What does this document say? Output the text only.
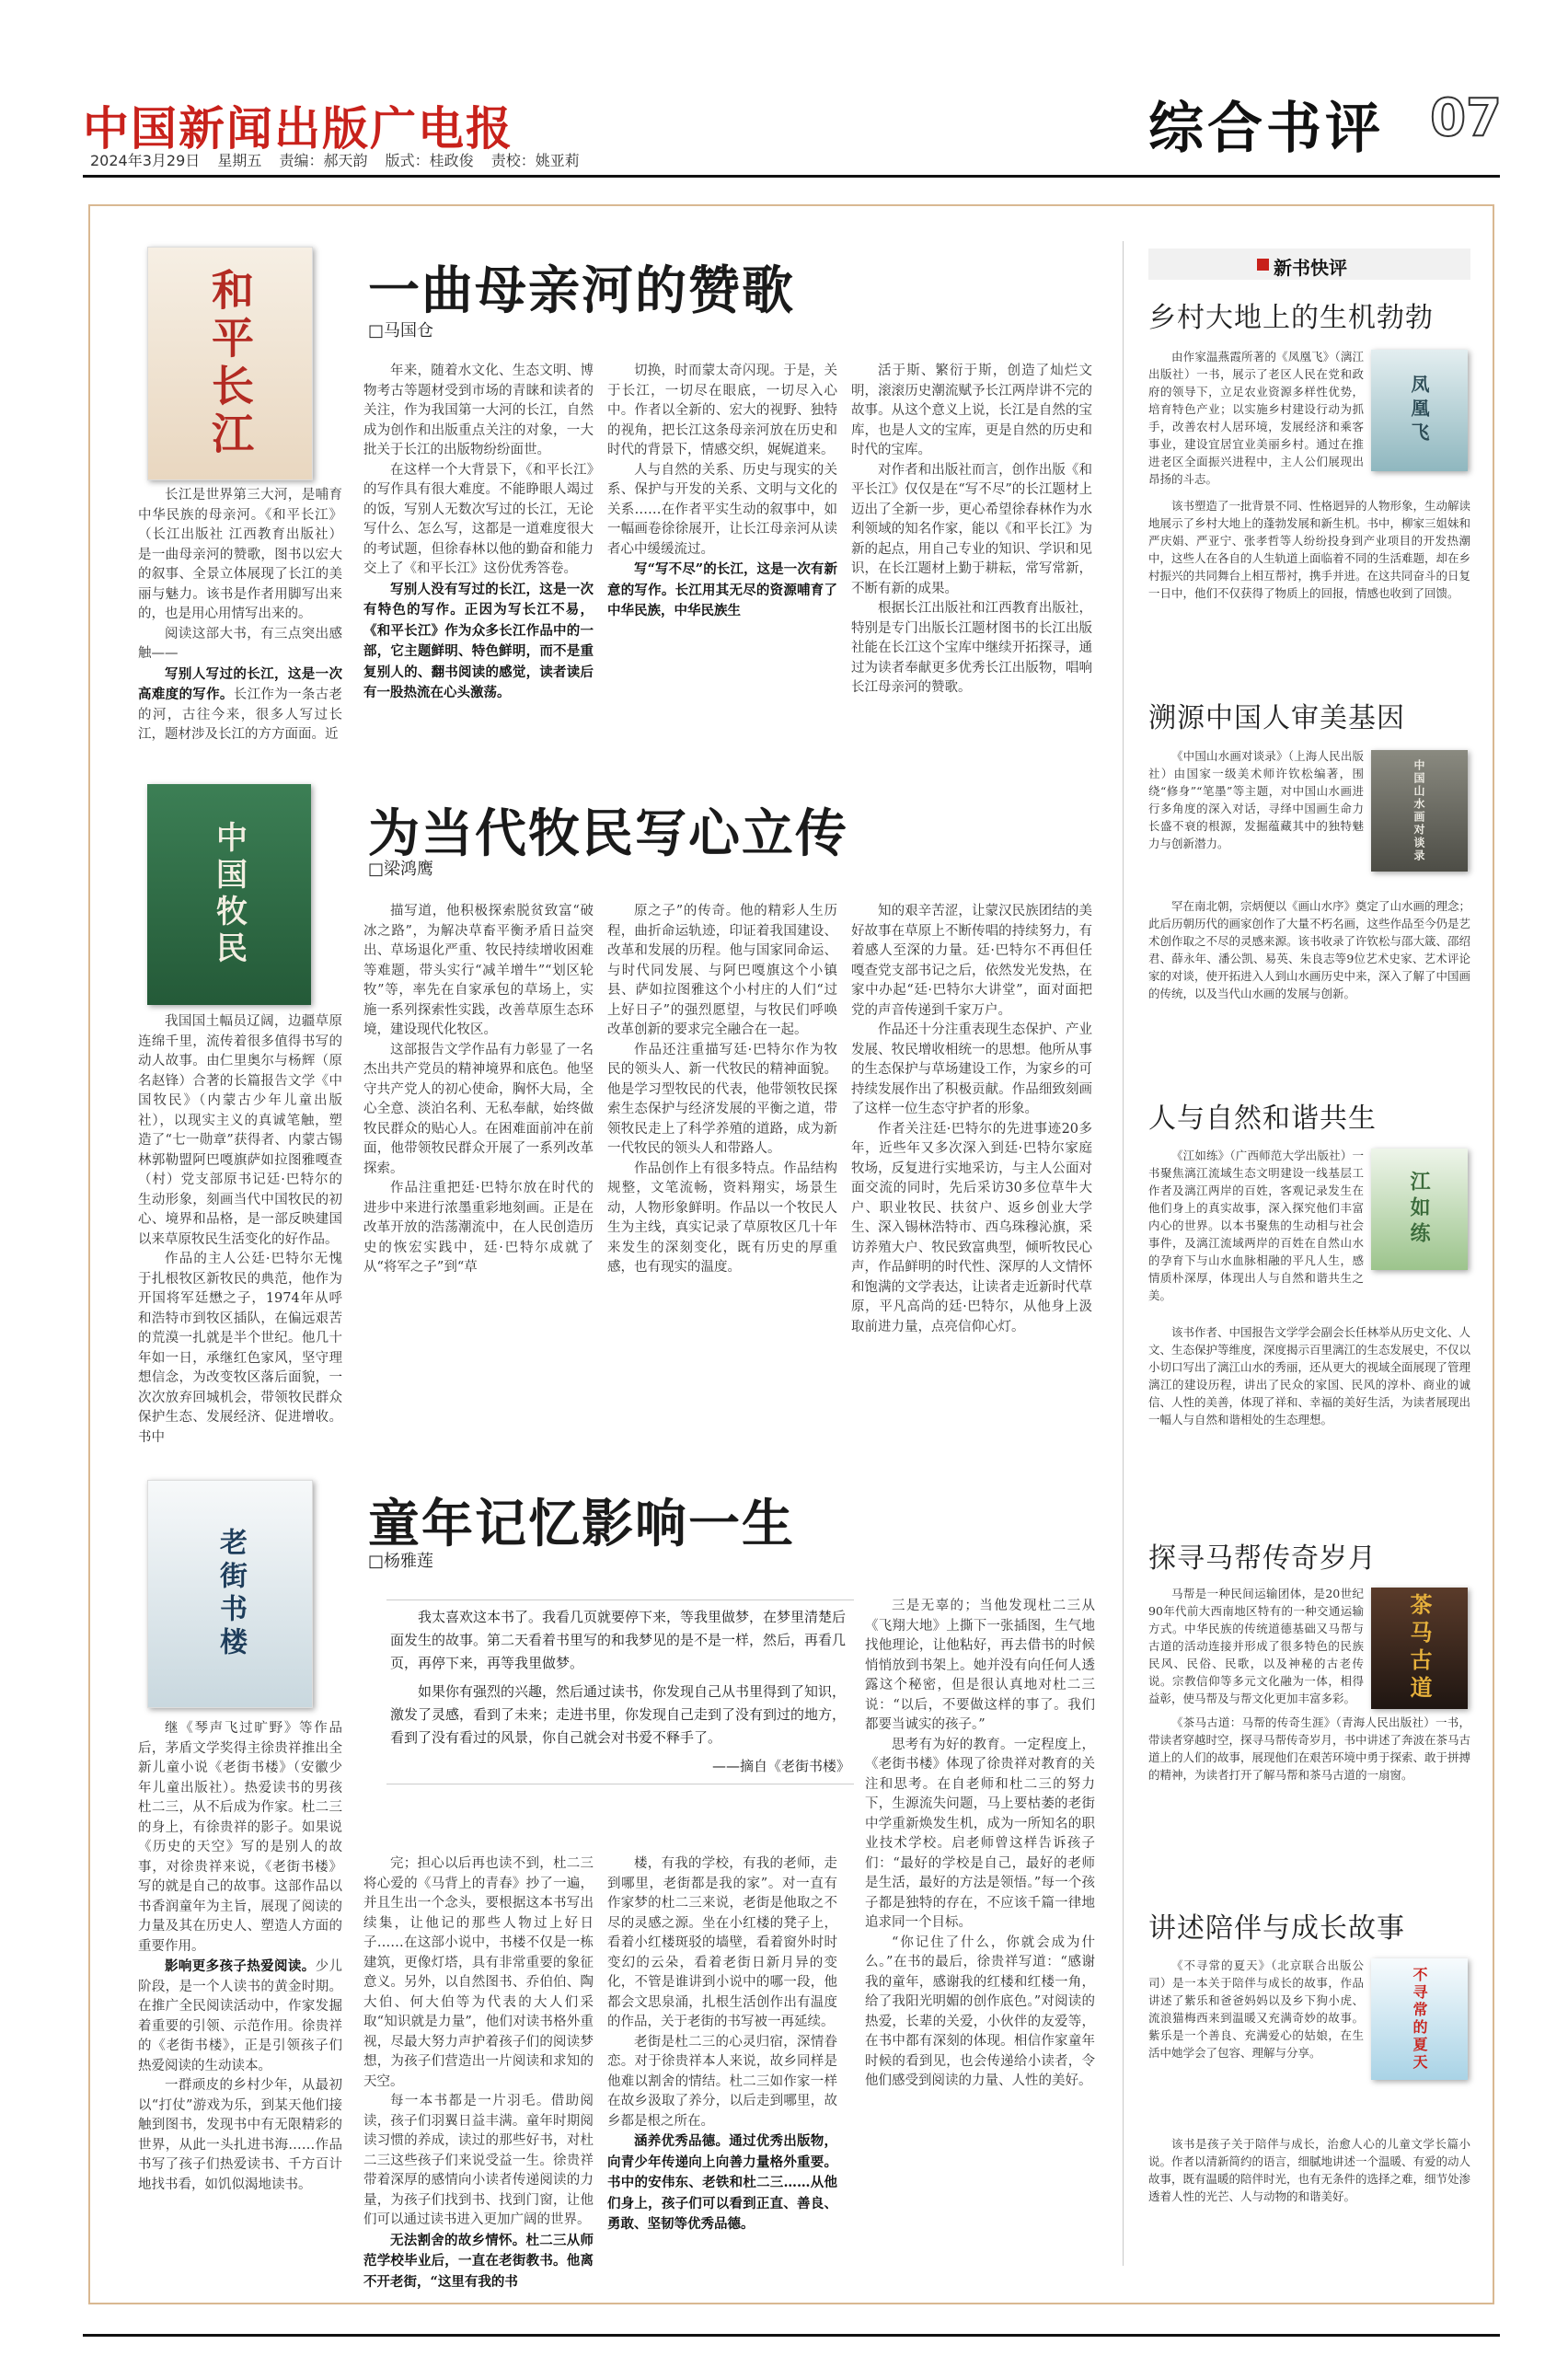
中国新闻出版广电报
2024年3月29日 星期五 责编：郝天韵 版式：桂政俊 责校：姚亚莉	综合书评 07
和平长江 一曲母亲河的赞歌
□马国仓

长江是世界第三大河，是哺育中华民族的母亲河。《和平长江》（长江出版社 江西教育出版社）是一曲母亲河的赞歌，图书以宏大的叙事、全景立体展现了长江的美丽与魅力。该书是作者用脚写出来的，也是用心用情写出来的。

阅读这部大书，有三点突出感触——

写别人写过的长江，这是一次高难度的写作。长江作为一条古老的河，古往今来，很多人写过长江，题材涉及长江的方方面面。近

年来，随着水文化、生态文明、博物考古等题材受到市场的青睐和读者的关注，作为我国第一大河的长江，自然成为创作和出版重点关注的对象，一大批关于长江的出版物纷纷面世。

在这样一个大背景下，《和平长江》的写作具有很大难度。不能睁眼人竭过的饭，写别人无数次写过的长江，无论写什么、怎么写，这都是一道难度很大的考试题，但徐春林以他的勤奋和能力交上了《和平长江》这份优秀答卷。

写别人没有写过的长江，这是一次有特色的写作。正因为写长江不易，《和平长江》作为众多长江作品中的一部，它主题鲜明、特色鲜明，而不是重复别人的、翻书阅读的感觉，读者读后有一股热流在心头激荡。

切换，时而蒙太奇闪现。于是，关于长江，一切尽在眼底，一切尽入心中。作者以全新的、宏大的视野、独特的视角，把长江这条母亲河放在历史和时代的背景下，情感交织，娓娓道来。

人与自然的关系、历史与现实的关系、保护与开发的关系、文明与文化的关系……在作者平实生动的叙事中，如一幅画卷徐徐展开，让长江母亲河从读者心中缓缓流过。

写“写不尽”的长江，这是一次有新意的写作。长江用其无尽的资源哺育了中华民族，中华民族生

活于斯、繁衍于斯，创造了灿烂文明，滚滚历史潮流赋予长江两岸讲不完的故事。从这个意义上说，长江是自然的宝库，也是人文的宝库，更是自然的历史和时代的宝库。

对作者和出版社而言，创作出版《和平长江》仅仅是在“写不尽”的长江题材上迈出了全新一步，更心希望徐春林作为水利领域的知名作家，能以《和平长江》为新的起点，用自己专业的知识、学识和见识，在长江题材上勤于耕耘，常写常新，不断有新的成果。

根据长江出版社和江西教育出版社，特别是专门出版长江题材图书的长江出版社能在长江这个宝库中继续开拓探寻，通过为读者奉献更多优秀长江出版物，唱响长江母亲河的赞歌。

中国牧民 为当代牧民写心立传
□梁鸿鹰

我国国土幅员辽阔，边疆草原连绵千里，流传着很多值得书写的动人故事。由仁里奥尔与杨辉（原名赵锋）合著的长篇报告文学《中国牧民》（内蒙古少年儿童出版社），以现实主义的真诚笔触，塑造了“七一勋章”获得者、内蒙古锡林郭勒盟阿巴嘎旗萨如拉图雅嘎查（村）党支部原书记廷·巴特尔的生动形象，刻画当代中国牧民的初心、境界和品格，是一部反映建国以来草原牧民生活变化的好作品。

作品的主人公廷·巴特尔无愧于扎根牧区新牧民的典范，他作为开国将军廷懋之子，1974年从呼和浩特市到牧区插队，在偏远艰苦的荒漠一扎就是半个世纪。他几十年如一日，承继红色家风，坚守理想信念，为改变牧区落后面貌，一次次放弃回城机会，带领牧民群众保护生态、发展经济、促进增收。书中

描写道，他积极探索脱贫致富“破冰之路”，为解决草畜平衡矛盾日益突出、草场退化严重、牧民持续增收困难等难题，带头实行“减羊增牛”“划区轮牧”等，率先在自家承包的草场上，实施一系列探索性实践，改善草原生态环境，建设现代化牧区。

这部报告文学作品有力彰显了一名杰出共产党员的精神境界和底色。他坚守共产党人的初心使命，胸怀大局，全心全意、淡泊名利、无私奉献，始终做牧民群众的贴心人。在困难面前冲在前面，他带领牧民群众开展了一系列改革探索。

作品注重把廷·巴特尔放在时代的进步中来进行浓墨重彩地刻画。正是在改革开放的浩荡潮流中，在人民创造历史的恢宏实践中，廷·巴特尔成就了从“将军之子”到“草

原之子”的传奇。他的精彩人生历程，曲折命运轨迹，印证着我国建设、改革和发展的历程。他与国家同命运、与时代同发展、与阿巴嘎旗这个小镇县、萨如拉图雅这个小村庄的人们“过上好日子”的强烈愿望，与牧民们呼唤改革创新的要求完全融合在一起。

作品还注重描写廷·巴特尔作为牧民的领头人、新一代牧民的精神面貌。他是学习型牧民的代表，他带领牧民探索生态保护与经济发展的平衡之道，带领牧民走上了科学养殖的道路，成为新一代牧民的领头人和带路人。

作品创作上有很多特点。作品结构规整，文笔流畅，资料翔实，场景生动，人物形象鲜明。作品以一个牧民人生为主线，真实记录了草原牧区几十年来发生的深刻变化，既有历史的厚重感，也有现实的温度。

知的艰辛苦涩，让蒙汉民族团结的美好故事在草原上不断传唱的持续努力，有着感人至深的力量。廷·巴特尔不再但任嘎查党支部书记之后，依然发光发热，在家中办起“廷·巴特尔大讲堂”，面对面把党的声音传递到千家万户。

作品还十分注重表现生态保护、产业发展、牧民增收相统一的思想。他所从事的生态保护与草场建设工作，为家乡的可持续发展作出了积极贡献。作品细致刻画了这样一位生态守护者的形象。

作者关注廷·巴特尔的先进事迹20多年，近些年又多次深入到廷·巴特尔家庭牧场，反复进行实地采访，与主人公面对面交流的同时，先后采访30多位草牛大户、职业牧民、扶贫户、返乡创业大学生、深入锡林浩特市、西乌珠穆沁旗，采访养殖大户、牧民致富典型，倾听牧民心声，作品鲜明的时代性、深厚的人文情怀和饱满的文学表达，让读者走近新时代草原，平凡高尚的廷·巴特尔，从他身上汲取前进力量，点亮信仰心灯。

老街书楼
童年记忆影响一生
□杨雅莲

我太喜欢这本书了。我看几页就要停下来，等我里做梦，在梦里清楚后面发生的故事。第二天看着书里写的和我梦见的是不是一样，然后，再看几页，再停下来，再等我里做梦。

如果你有强烈的兴趣，然后通过读书，你发现自己从书里得到了知识，激发了灵感，看到了未来；走进书里，你发现自己走到了没有到过的地方，看到了没有看过的风景，你自己就会对书爱不释手了。

——摘自《老街书楼》

继《琴声飞过旷野》等作品后，茅盾文学奖得主徐贵祥推出全新儿童小说《老街书楼》（安徽少年儿童出版社）。热爱读书的男孩杜二三，从不后成为作家。杜二三的身上，有徐贵祥的影子。如果说《历史的天空》写的是别人的故事，对徐贵祥来说，《老街书楼》写的就是自己的故事。这部作品以书香润童年为主旨，展现了阅读的力量及其在历史人、塑造人方面的重要作用。

影响更多孩子热爱阅读。少儿阶段，是一个人读书的黄金时期。在推广全民阅读活动中，作家发掘着重要的引领、示范作用。徐贵祥的《老街书楼》，正是引领孩子们热爱阅读的生动读本。

一群顽皮的乡村少年，从最初以“打仗”游戏为乐，到某天他们接触到图书，发现书中有无限精彩的世界，从此一头扎进书海……作品书写了孩子们热爱读书、千方百计地找书看，如饥似渴地读书。

完；担心以后再也读不到，杜二三将心爱的《马背上的青春》抄了一遍，并且生出一个念头，要根据这本书写出续集，让他记的那些人物过上好日子……在这部小说中，书楼不仅是一栋建筑，更像灯塔，具有非常重要的象征意义。另外，以自然图书、乔伯伯、陶大伯、何大伯等为代表的大人们采取“知识就是力量”，他们对读书格外重视，尽最大努力声护着孩子们的阅读梦想，为孩子们营造出一片阅读和求知的天空。

每一本书都是一片羽毛。借助阅读，孩子们羽翼日益丰满。童年时期阅读习惯的养成，读过的那些好书，对杜二三这些孩子们来说受益一生。徐贵祥带着深厚的感情向小读者传递阅读的力量，为孩子们找到书、找到门窗，让他们可以通过读书进入更加广阔的世界。

无法割舍的故乡情怀。杜二三从师范学校毕业后，一直在老街教书。他离不开老街，“这里有我的书

楼，有我的学校，有我的老师，走到哪里，老街都是我的家”。对一直有作家梦的杜二三来说，老街是他取之不尽的灵感之源。坐在小红楼的凳子上，看着小红楼斑驳的墙壁，看着窗外时时变幻的云朵，看着老街日新月异的变化，不管是谁讲到小说中的哪一段，他都会文思泉涌，扎根生活创作出有温度的作品，关于老街的书写被一再延续。

老街是杜二三的心灵归宿，深情眷恋。对于徐贵祥本人来说，故乡同样是他难以割舍的情结。杜二三如作家一样在故乡汲取了养分，以后走到哪里，故乡都是根之所在。

涵养优秀品德。通过优秀出版物，向青少年传递向上向善力量格外重要。书中的安伟东、老铁和杜二三……从他们身上，孩子们可以看到正直、善良、勇敢、坚韧等优秀品德。

三是无辜的；当他发现杜二三从《飞翔大地》上撕下一张插图，生气地找他理论，让他粘好，再去借书的时候悄悄放到书架上。她并没有向任何人透露这个秘密，但是很认真地对杜二三说：“以后，不要做这样的事了。我们都要当诚实的孩子。”

思考有为好的教育。一定程度上，《老街书楼》体现了徐贵祥对教育的关注和思考。在自老师和杜二三的努力下，生源流失问题，马上要枯萎的老街中学重新焕发生机，成为一所知名的职业技术学校。启老师曾这样告诉孩子们：“最好的学校是自己，最好的老师是生活，最好的方法是领悟。”每一个孩子都是独特的存在，不应该千篇一律地追求同一个目标。

“你记住了什么，你就会成为什么。”在书的最后，徐贵祥写道：“感谢我的童年，感谢我的红楼和红楼一角，给了我阳光明媚的创作底色。”对阅读的热爱，长辈的关爱，小伙伴的友爱等，在书中都有深刻的体现。相信作家童年时候的看到见，也会传递给小读者，令他们感受到阅读的力量、人性的美好。

新书快评
乡村大地上的生机勃勃
凤凰飞

由作家温燕霞所著的《凤凰飞》（漓江出版社）一书，展示了老区人民在党和政府的领导下，立足农业资源多样性优势，培育特色产业；以实施乡村建设行动为抓手，改善农村人居环境，发展经济和乘客事业，建设宜居宜业美丽乡村。通过在推进老区全面振兴进程中，主人公们展现出昂扬的斗志。

该书塑造了一批背景不同、性格迥异的人物形象，生动解读地展示了乡村大地上的蓬勃发展和新生机。书中，柳家三姐妹和严庆娟、严亚宁、张孝哲等人纷纷投身到产业项目的开发热潮中，这些人在各自的人生轨道上面临着不同的生活难题，却在乡村振兴的共同舞台上相互帮衬，携手并进。在这共同奋斗的日复一日中，他们不仅获得了物质上的回报，情感也收到了回馈。

溯源中国人审美基因
中国山水画对谈录

《中国山水画对谈录》（上海人民出版社）由国家一级美术师许钦松编著，围绕“修身”“笔墨”等主题，对中国山水画进行多角度的深入对话，寻绎中国画生命力长盛不衰的根源，发掘蕴藏其中的独特魅力与创新潜力。

罕在南北朝，宗炳便以《画山水序》奠定了山水画的理念；此后历朝历代的画家创作了大量不朽名画，这些作品至今仍是艺术创作取之不尽的灵感来源。该书收录了许钦松与邵大箴、邵绍君、薛永年、潘公凯、易英、朱良志等9位艺术史家、艺术评论家的对谈，使开拓进入人到山水画历史中来，深入了解了中国画的传统，以及当代山水画的发展与创新。

人与自然和谐共生
江如练

《江如练》（广西师范大学出版社）一书聚焦漓江流域生态文明建设一线基层工作者及漓江两岸的百姓，客观记录发生在他们身上的真实故事，深入探究他们丰富内心的世界。以本书聚焦的生动相与社会事件，及漓江流域两岸的百姓在自然山水的孕育下与山水血脉相融的平凡人生，感情质朴深厚，体现出人与自然和谐共生之美。

该书作者、中国报告文学学会副会长任林举从历史文化、人文、生态保护等维度，深度揭示百里漓江的生态发展史，不仅以小切口写出了漓江山水的秀丽，还从更大的视域全面展现了管理漓江的建设历程，讲出了民众的家国、民风的淳朴、商业的诚信、人性的美善，体现了祥和、幸福的美好生活，为读者展现出一幅人与自然和谐相处的生态理想。

探寻马帮传奇岁月
茶马古道

马帮是一种民间运输团体，是20世纪90年代前大西南地区特有的一种交通运输方式。中华民族的传统道德基础又马帮与古道的活动连接并形成了很多特色的民族民风、民俗、民歌，以及神秘的古老传说。宗教信仰等多元文化融为一体，相得益彰，使马帮及与帮文化更加丰富多彩。

《茶马古道：马帮的传奇生涯》（青海人民出版社）一书，带读者穿越时空，探寻马帮传奇岁月，书中讲述了奔波在茶马古道上的人们的故事，展现他们在艰苦环境中勇于探索、敢于拼搏的精神，为读者打开了解马帮和茶马古道的一扇窗。

讲述陪伴与成长故事
不寻常的夏天

《不寻常的夏天》（北京联合出版公司）是一本关于陪伴与成长的故事，作品讲述了紫乐和爸爸妈妈以及乡下狗小虎、流浪猫梅西来到温暖又充满奇妙的故事。紫乐是一个善良、充满爱心的姑娘，在生活中她学会了包容、理解与分享。

该书是孩子关于陪伴与成长，治愈人心的儿童文学长篇小说。作者以清新简约的语言，细腻地讲述一个温暖、有爱的动人故事，既有温暖的陪伴时光，也有无条件的选择之难，细节处渗透着人性的光芒、人与动物的和谐美好。
